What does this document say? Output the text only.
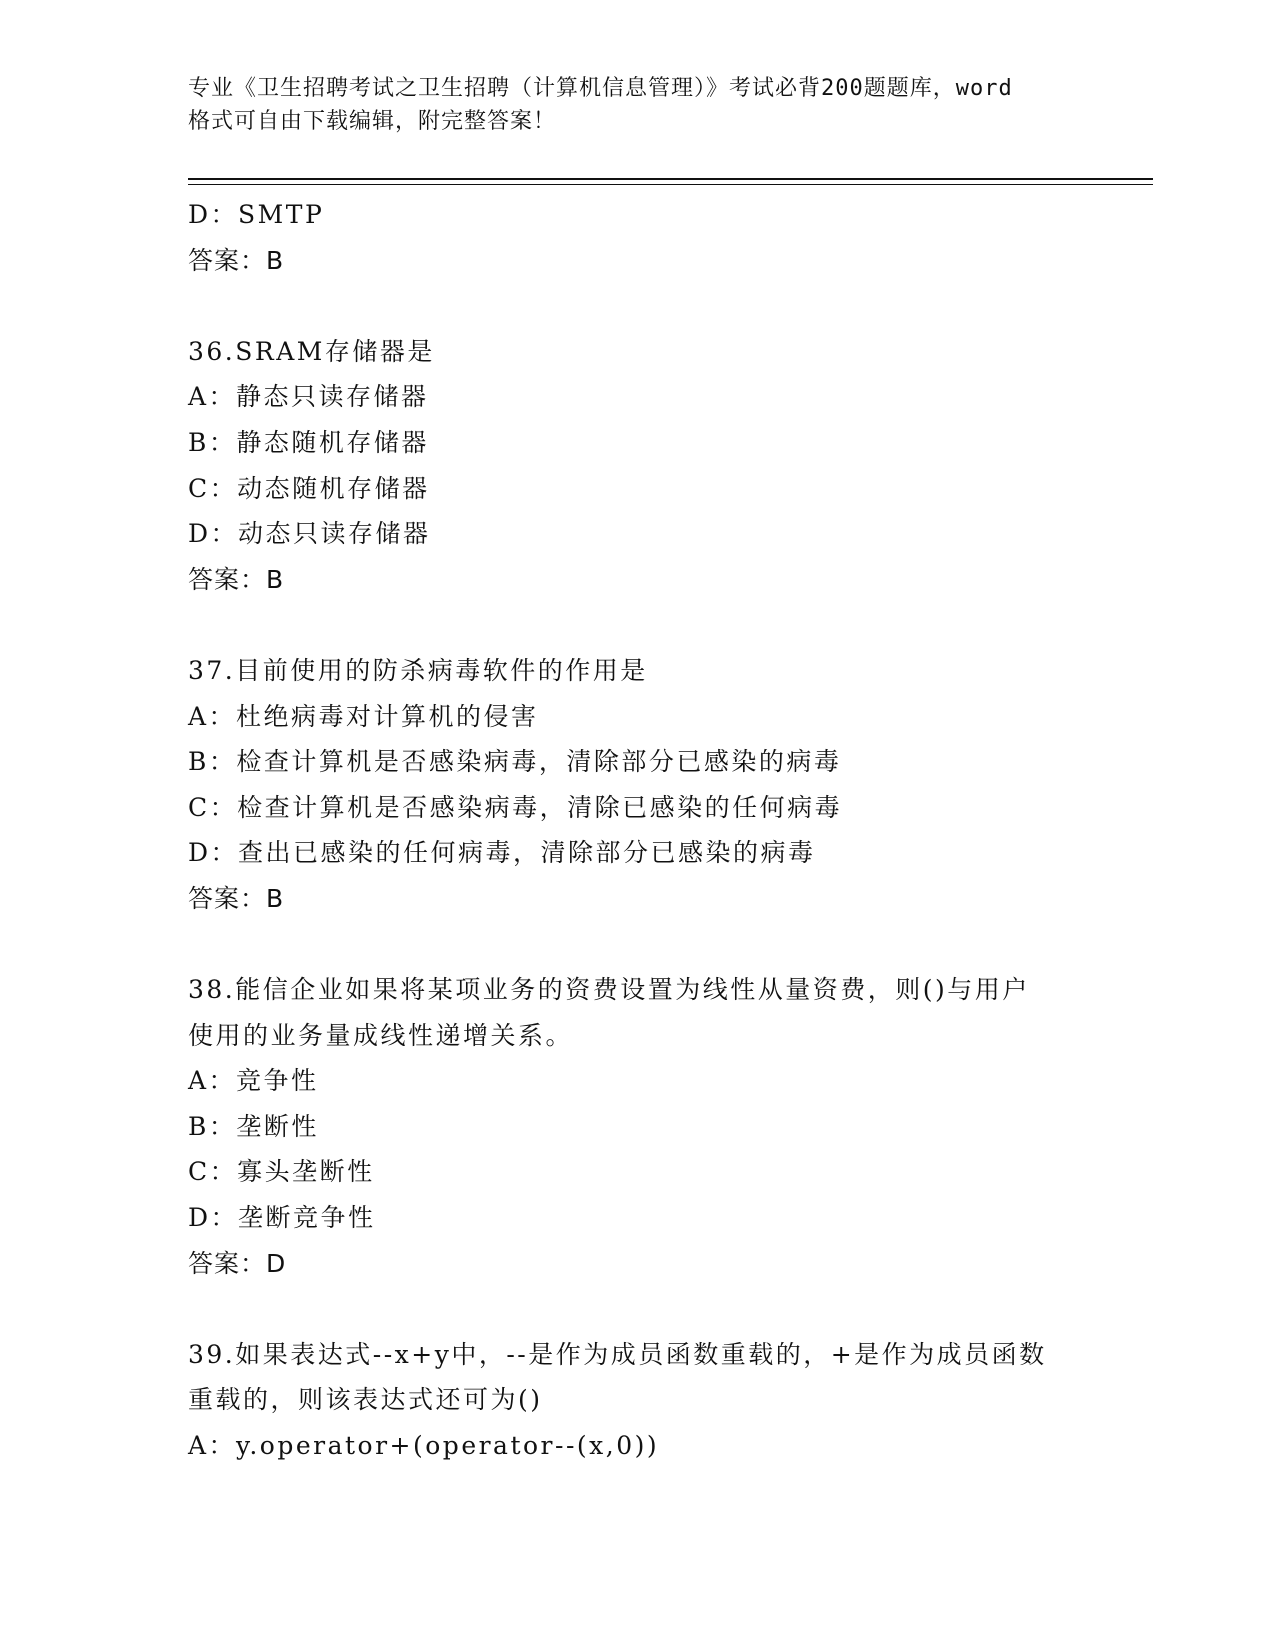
专业《卫生招聘考试之卫生招聘（计算机信息管理）》考试必背200题题库，word
格式可自由下载编辑，附完整答案！
D：SMTP
答案：B
36.SRAM存储器是
A：静态只读存储器
B：静态随机存储器
C：动态随机存储器
D：动态只读存储器
答案：B
37.目前使用的防杀病毒软件的作用是
A：杜绝病毒对计算机的侵害
B：检查计算机是否感染病毒，清除部分已感染的病毒
C：检查计算机是否感染病毒，清除已感染的任何病毒
D：查出已感染的任何病毒，清除部分已感染的病毒
答案：B
38.能信企业如果将某项业务的资费设置为线性从量资费，则()与用户
使用的业务量成线性递增关系。
A：竞争性
B：垄断性
C：寡头垄断性
D：垄断竞争性
答案：D
39.如果表达式--x+y中，--是作为成员函数重载的，+是作为成员函数
重载的，则该表达式还可为()
A：y.operator+(operator--(x,0))
